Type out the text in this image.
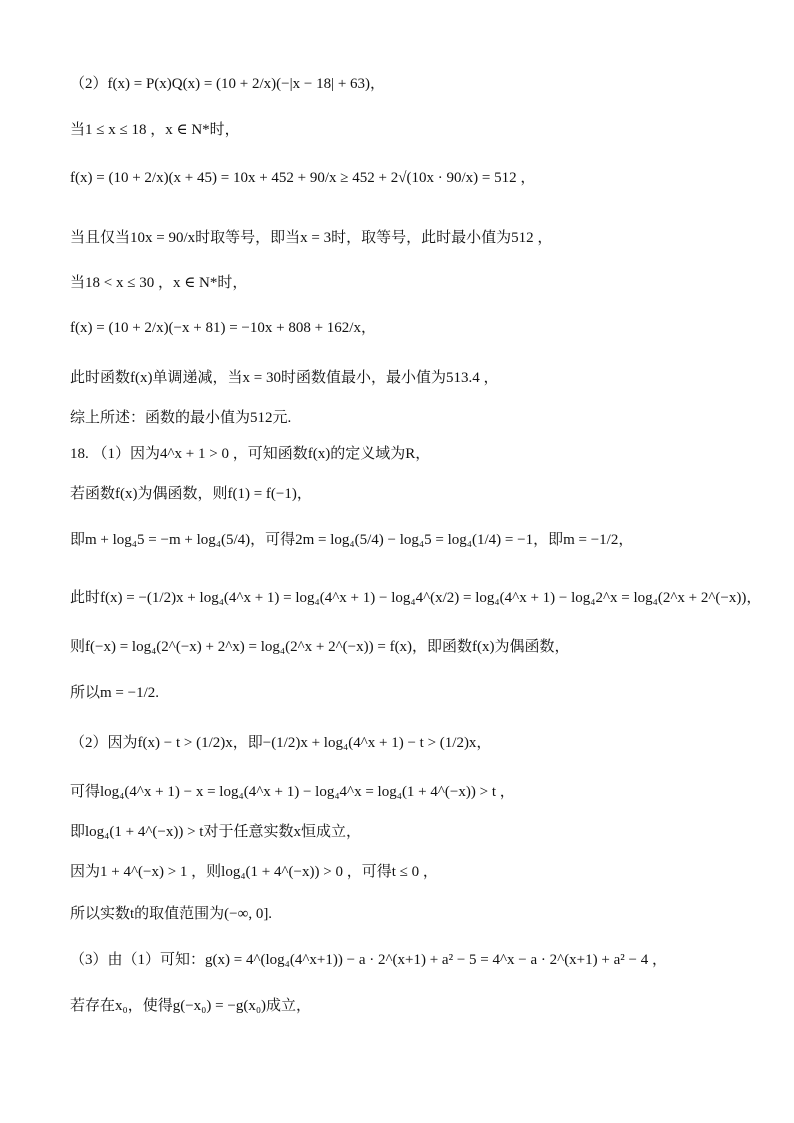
（2）f(x) = P(x)Q(x) = (10 + 2/x)(−|x − 18| + 63)，
当1 ≤ x ≤ 18 ，x ∈ N*时，
f(x) = (10 + 2/x)(x + 45) = 10x + 452 + 90/x ≥ 452 + 2√(10x · 90/x) = 512 ，
当且仅当10x = 90/x时取等号，即当x = 3时，取等号，此时最小值为512 ，
当18 < x ≤ 30 ，x ∈ N*时，
f(x) = (10 + 2/x)(−x + 81) = −10x + 808 + 162/x，
此时函数f(x)单调递减，当x = 30时函数值最小，最小值为513.4 ，
综上所述：函数的最小值为512元.
18. （1）因为4^x + 1 > 0 ，可知函数f(x)的定义域为R，
若函数f(x)为偶函数，则f(1) = f(−1)，
即m + log₄5 = −m + log₄(5/4)，可得2m = log₄(5/4) − log₄5 = log₄(1/4) = −1，即m = −1/2，
此时f(x) = −(1/2)x + log₄(4^x + 1) = log₄(4^x + 1) − log₄4^(x/2) = log₄(4^x + 1) − log₄2^x = log₄(2^x + 2^(−x))，
则f(−x) = log₄(2^(−x) + 2^x) = log₄(2^x + 2^(−x)) = f(x)，即函数f(x)为偶函数，
所以m = −1/2.
（2）因为f(x) − t > (1/2)x，即−(1/2)x + log₄(4^x + 1) − t > (1/2)x，
可得log₄(4^x + 1) − x = log₄(4^x + 1) − log₄4^x = log₄(1 + 4^(−x)) > t ，
即log₄(1 + 4^(−x)) > t对于任意实数x恒成立，
因为1 + 4^(−x) > 1 ，则log₄(1 + 4^(−x)) > 0 ，可得t ≤ 0 ，
所以实数t的取值范围为(−∞, 0].
（3）由（1）可知：g(x) = 4^(log₄(4^x+1)) − a · 2^(x+1) + a² − 5 = 4^x − a · 2^(x+1) + a² − 4 ，
若存在x₀，使得g(−x₀) = −g(x₀)成立，
